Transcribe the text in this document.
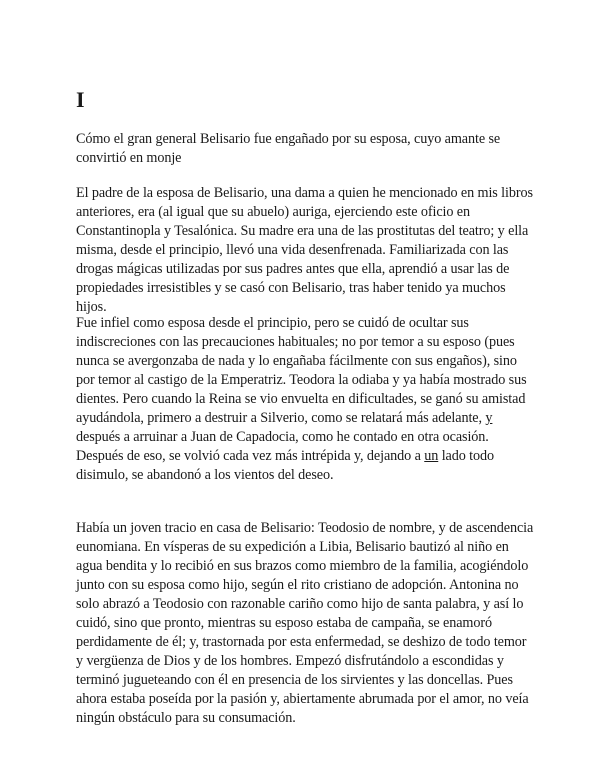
I

Cómo el gran general Belisario fue engañado por su esposa, cuyo amante se convirtió en monje

El padre de la esposa de Belisario, una dama a quien he mencionado en mis libros anteriores, era (al igual que su abuelo) auriga, ejerciendo este oficio en Constantinopla y Tesalónica. Su madre era una de las prostitutas del teatro; y ella misma, desde el principio, llevó una vida desenfrenada. Familiarizada con las drogas mágicas utilizadas por sus padres antes que ella, aprendió a usar las de propiedades irresistibles y se casó con Belisario, tras haber tenido ya muchos hijos.

Fue infiel como esposa desde el principio, pero se cuidó de ocultar sus indiscreciones con las precauciones habituales; no por temor a su esposo (pues nunca se avergonzaba de nada y lo engañaba fácilmente con sus engaños), sino por temor al castigo de la Emperatriz. Teodora la odiaba y ya había mostrado sus dientes. Pero cuando la Reina se vio envuelta en dificultades, se ganó su amistad ayudándola, primero a destruir a Silverio, como se relatará más adelante, y después a arruinar a Juan de Capadocia, como he contado en otra ocasión. Después de eso, se volvió cada vez más intrépida y, dejando a un lado todo disimulo, se abandonó a los vientos del deseo.

Había un joven tracio en casa de Belisario: Teodosio de nombre, y de ascendencia eunomiana. En vísperas de su expedición a Libia, Belisario bautizó al niño en agua bendita y lo recibió en sus brazos como miembro de la familia, acogiéndolo junto con su esposa como hijo, según el rito cristiano de adopción. Antonina no solo abrazó a Teodosio con razonable cariño como hijo de santa palabra, y así lo cuidó, sino que pronto, mientras su esposo estaba de campaña, se enamoró perdidamente de él; y, trastornada por esta enfermedad, se deshizo de todo temor y vergüenza de Dios y de los hombres. Empezó disfrutándolo a escondidas y terminó jugueteando con él en presencia de los sirvientes y las doncellas. Pues ahora estaba poseída por la pasión y, abiertamente abrumada por el amor, no veía ningún obstáculo para su consumación.
